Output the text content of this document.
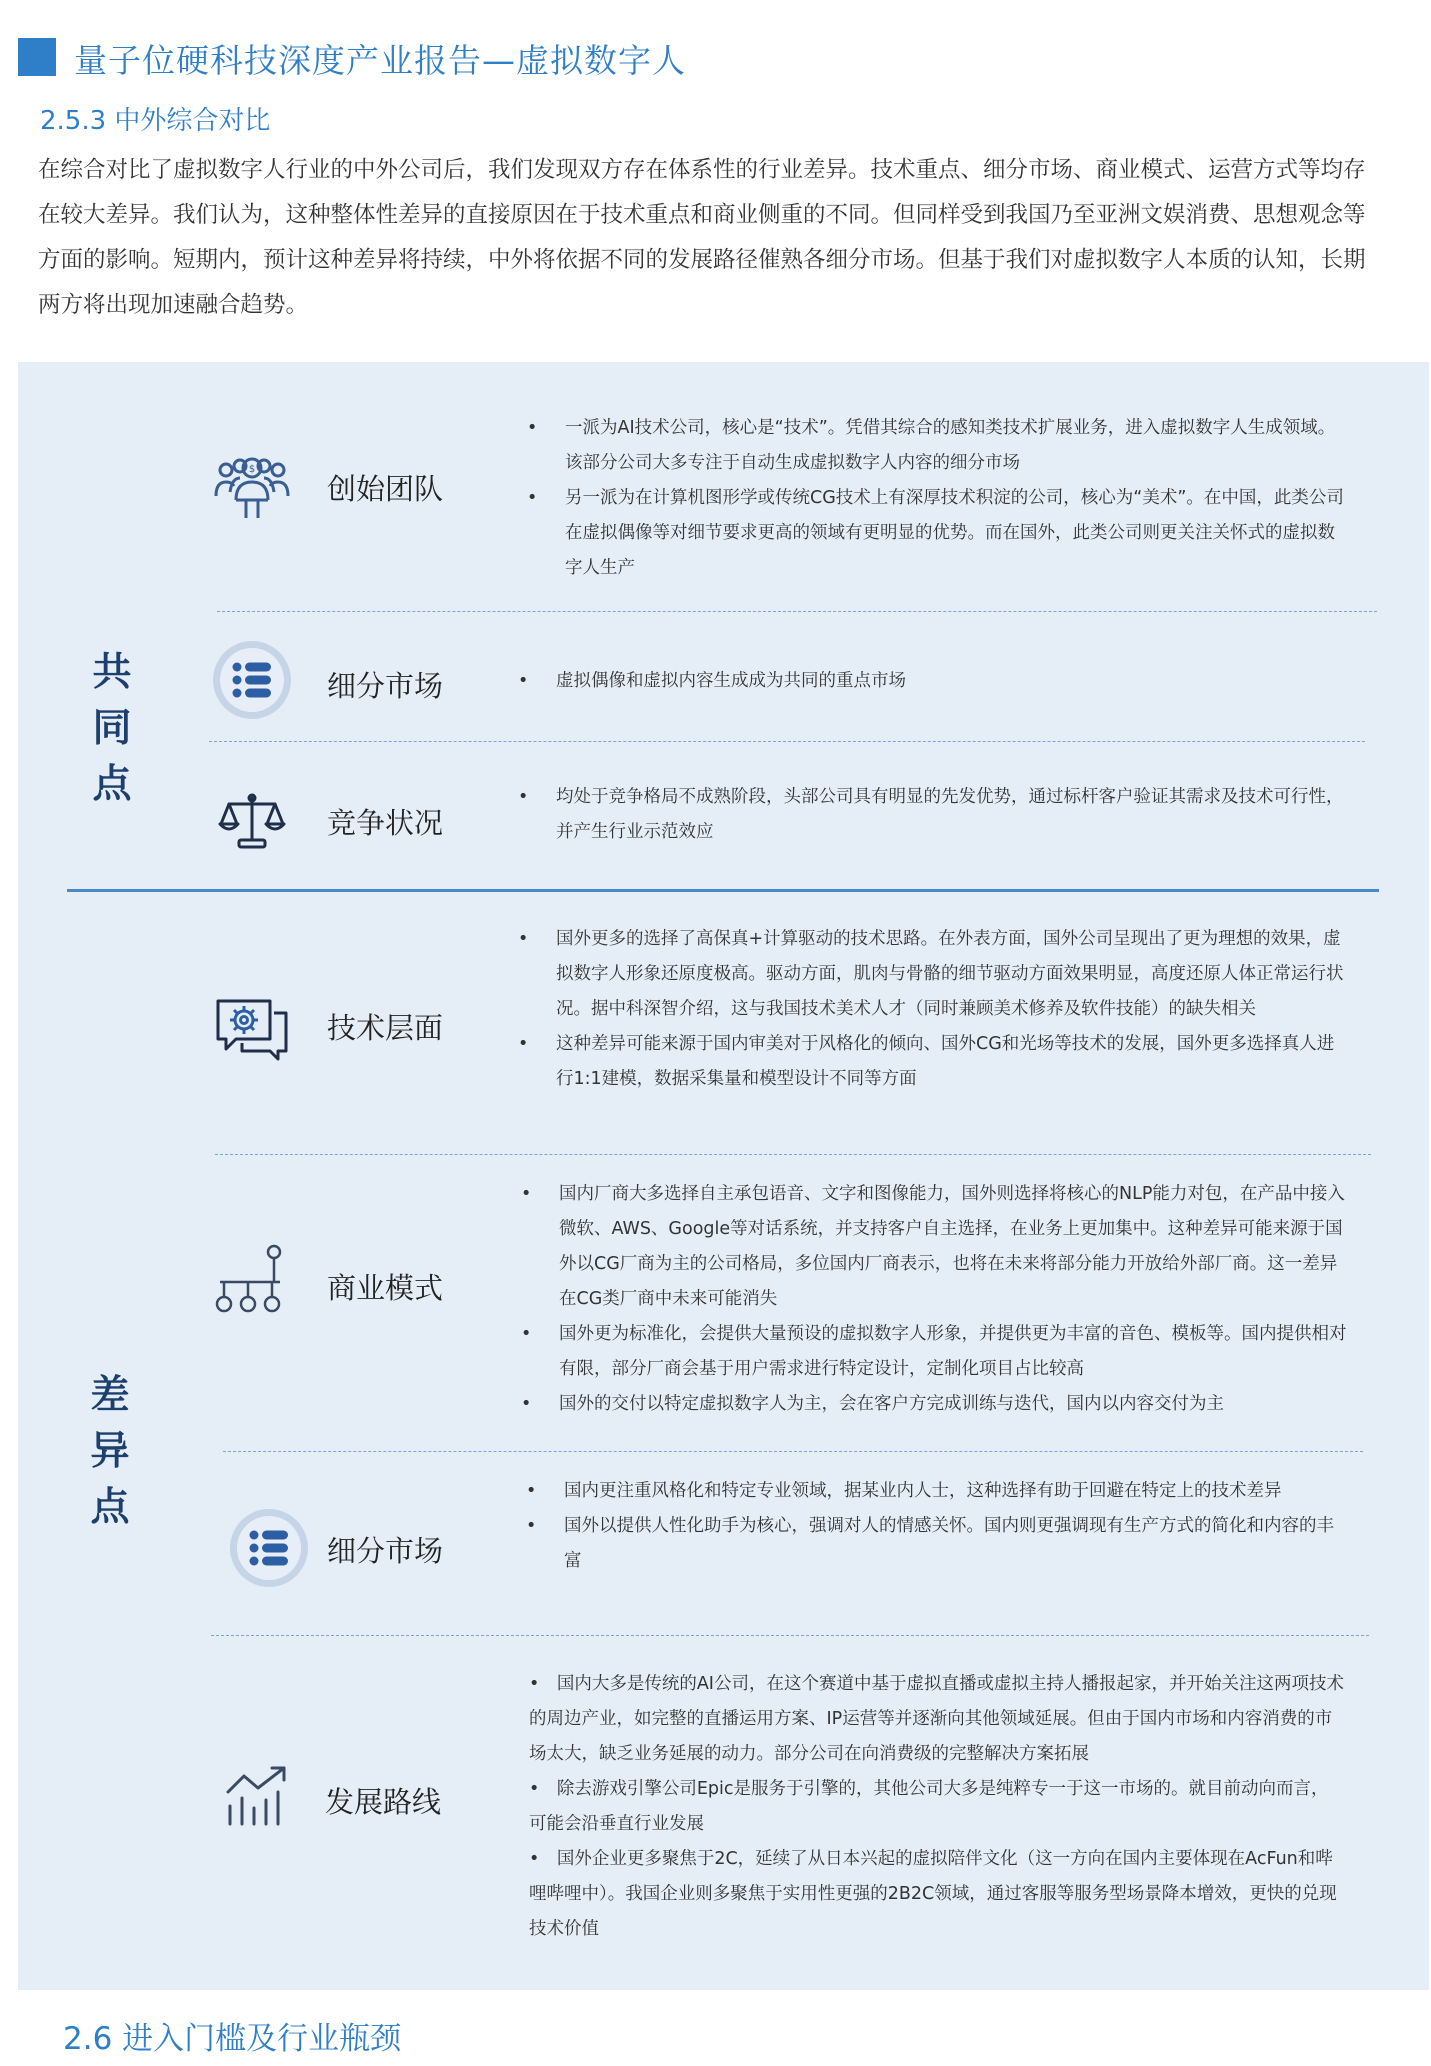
量子位硬科技深度产业报告—虚拟数字人
2.5.3 中外综合对比

在综合对比了虚拟数字人行业的中外公司后，我们发现双方存在体系性的行业差异。技术重点、细分市场、商业模式、运营方式等均存在较大差异。我们认为，这种整体性差异的直接原因在于技术重点和商业侧重的不同。但同样受到我国乃至亚洲文娱消费、思想观念等方面的影响。短期内，预计这种差异将持续，中外将依据不同的发展路径催熟各细分市场。但基于我们对虚拟数字人本质的认知，长期两方将出现加速融合趋势。

共同点
差异点
$
创始团队
• 一派为AI技术公司，核心是“技术”。凭借其综合的感知类技术扩展业务，进入虚拟数字人生成领域。该部分公司大多专注于自动生成虚拟数字人内容的细分市场
• 另一派为在计算机图形学或传统CG技术上有深厚技术积淀的公司，核心为“美术”。在中国，此类公司在虚拟偶像等对细节要求更高的领域有更明显的优势。而在国外，此类公司则更关注关怀式的虚拟数字人生产
细分市场
•	虚拟偶像和虚拟内容生成成为共同的重点市场
竞争状况
• 均处于竞争格局不成熟阶段，头部公司具有明显的先发优势，通过标杆客户验证其需求及技术可行性，并产生行业示范效应
技术层面
• 国外更多的选择了高保真+计算驱动的技术思路。在外表方面，国外公司呈现出了更为理想的效果，虚拟数字人形象还原度极高。驱动方面，肌肉与骨骼的细节驱动方面效果明显，高度还原人体正常运行状况。据中科深智介绍，这与我国技术美术人才（同时兼顾美术修养及软件技能）的缺失相关
• 这种差异可能来源于国内审美对于风格化的倾向、国外CG和光场等技术的发展，国外更多选择真人进行1:1建模，数据采集量和模型设计不同等方面
商业模式
• 国内厂商大多选择自主承包语音、文字和图像能力，国外则选择将核心的NLP能力对包，在产品中接入微软、AWS、Google等对话系统，并支持客户自主选择，在业务上更加集中。这种差异可能来源于国外以CG厂商为主的公司格局，多位国内厂商表示，也将在未来将部分能力开放给外部厂商。这一差异在CG类厂商中未来可能消失
• 国外更为标准化，会提供大量预设的虚拟数字人形象，并提供更为丰富的音色、模板等。国内提供相对有限，部分厂商会基于用户需求进行特定设计，定制化项目占比较高
• 国外的交付以特定虚拟数字人为主，会在客户方完成训练与迭代，国内以内容交付为主
细分市场
• 国内更注重风格化和特定专业领域，据某业内人士，这种选择有助于回避在特定上的技术差异
• 国外以提供人性化助手为核心，强调对人的情感关怀。国内则更强调现有生产方式的简化和内容的丰富
发展路线
•　国内大多是传统的AI公司，在这个赛道中基于虚拟直播或虚拟主持人播报起家，并开始关注这两项技术的周边产业，如完整的直播运用方案、IP运营等并逐渐向其他领域延展。但由于国内市场和内容消费的市场太大，缺乏业务延展的动力。部分公司在向消费级的完整解决方案拓展
•　除去游戏引擎公司Epic是服务于引擎的，其他公司大多是纯粹专一于这一市场的。就目前动向而言，可能会沿垂直行业发展
•　国外企业更多聚焦于2C，延续了从日本兴起的虚拟陪伴文化（这一方向在国内主要体现在AcFun和哔哩哔哩中）。我国企业则多聚焦于实用性更强的2B2C领域，通过客服等服务型场景降本增效，更快的兑现技术价值
2.6 进入门槛及行业瓶颈
